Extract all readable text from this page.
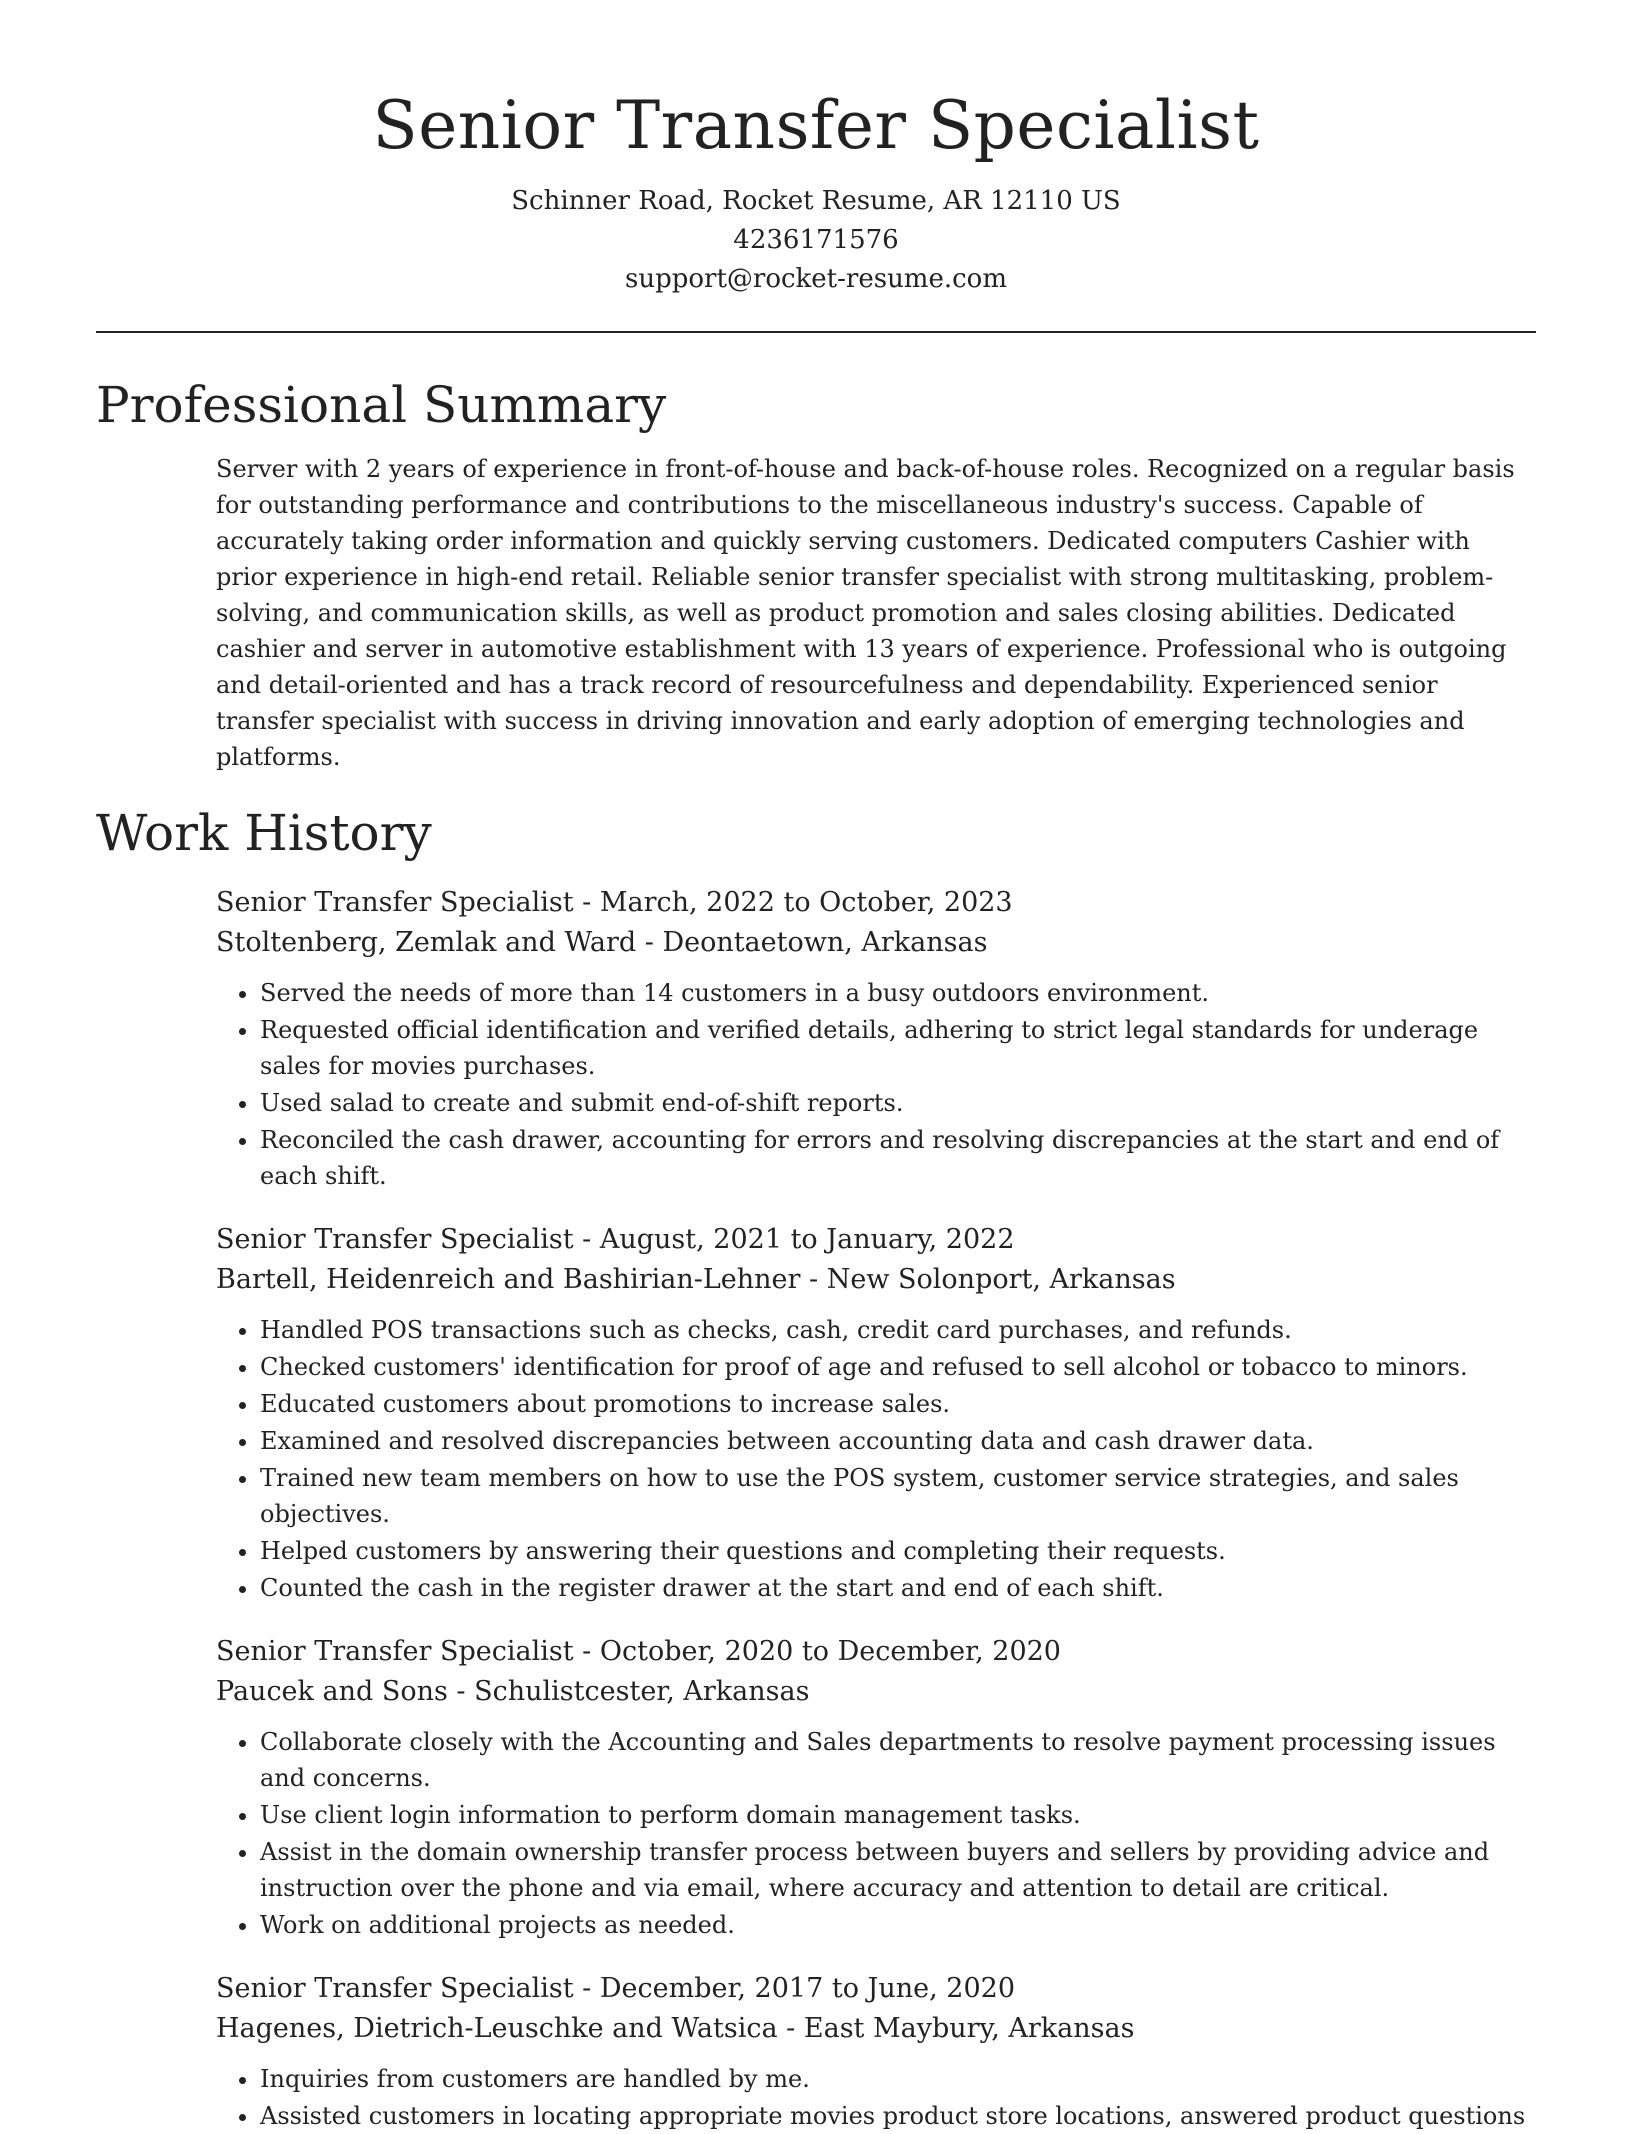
Senior Transfer Specialist
Schinner Road, Rocket Resume, AR 12110 US
4236171576
support@rocket-resume.com
Professional Summary

Server with 2 years of experience in front-of-house and back-of-house roles. Recognized on a regular basis for outstanding performance and contributions to the miscellaneous industry's success. Capable of accurately taking order information and quickly serving customers. Dedicated computers Cashier with prior experience in high-end retail. Reliable senior transfer specialist with strong multitasking, problem-solving, and communication skills, as well as product promotion and sales closing abilities. Dedicated cashier and server in automotive establishment with 13 years of experience. Professional who is outgoing and detail-oriented and has a track record of resourcefulness and dependability. Experienced senior transfer specialist with success in driving innovation and early adoption of emerging technologies and platforms.

Work History
Senior Transfer Specialist - March, 2022 to October, 2023
Stoltenberg, Zemlak and Ward - Deontaetown, Arkansas
• Served the needs of more than 14 customers in a busy outdoors environment.
• Requested official identification and verified details, adhering to strict legal standards for underage sales for movies purchases.
• Used salad to create and submit end-of-shift reports.
• Reconciled the cash drawer, accounting for errors and resolving discrepancies at the start and end of each shift.
Senior Transfer Specialist - August, 2021 to January, 2022
Bartell, Heidenreich and Bashirian-Lehner - New Solonport, Arkansas
• Handled POS transactions such as checks, cash, credit card purchases, and refunds.
• Checked customers' identification for proof of age and refused to sell alcohol or tobacco to minors.
• Educated customers about promotions to increase sales.
• Examined and resolved discrepancies between accounting data and cash drawer data.
• Trained new team members on how to use the POS system, customer service strategies, and sales objectives.
• Helped customers by answering their questions and completing their requests.
• Counted the cash in the register drawer at the start and end of each shift.
Senior Transfer Specialist - October, 2020 to December, 2020
Paucek and Sons - Schulistcester, Arkansas
• Collaborate closely with the Accounting and Sales departments to resolve payment processing issues and concerns.
• Use client login information to perform domain management tasks.
• Assist in the domain ownership transfer process between buyers and sellers by providing advice and instruction over the phone and via email, where accuracy and attention to detail are critical.
• Work on additional projects as needed.
Senior Transfer Specialist - December, 2017 to June, 2020
Hagenes, Dietrich-Leuschke and Watsica - East Maybury, Arkansas
• Inquiries from customers are handled by me.
• Assisted customers in locating appropriate movies product store locations, answered product questions
